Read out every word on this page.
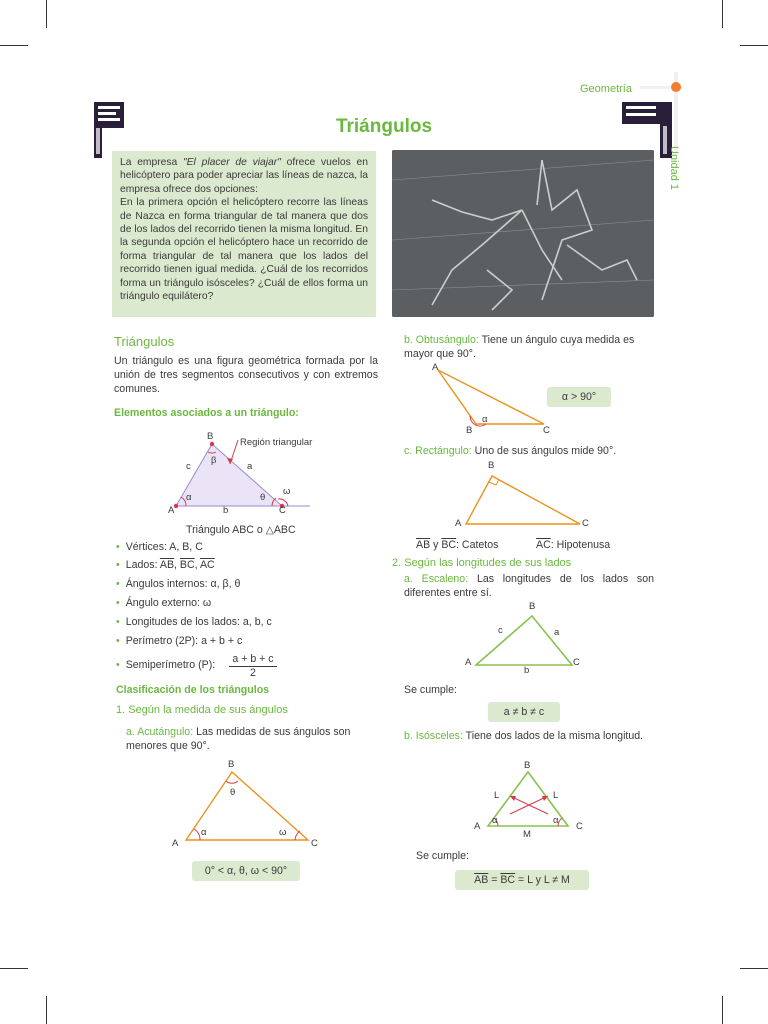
Geometría
Unidad 1
Triángulos
La empresa "El placer de viajar" ofrece vuelos en helicóptero para poder apreciar las líneas de nazca, la empresa ofrece dos opciones:
En la primera opción el helicóptero recorre las líneas de Nazca en forma triangular de tal manera que dos de los lados del recorrido tienen la misma longitud. En la segunda opción el helicóptero hace un recorrido de forma triangular de tal manera que los lados del recorrido tienen igual medida. ¿Cuál de los recorridos forma un triángulo isósceles? ¿Cuál de ellos forma un triángulo equilátero?
Triángulos
Un triángulo es una figura geométrica formada por la unión de tres segmentos consecutivos y con extremos comunes.
Elementos asociados a un triángulo:
B
Región triangular
β
c	a
α	θ
ω
A	b	C
Triángulo ABC o △ABC
• Vértices: A, B, C
• Lados: $\overline{AB}$, $\overline{BC}$, $\overline{AC}$
• Ángulos internos: α, β, θ
• Ángulo externo: ω
• Longitudes de los lados: a, b, c
• Perímetro (2P): a + b + c
• Semiperímetro (P):	a + b + c
2
Clasificación de los triángulos
1. Según la medida de sus ángulos
a. Acutángulo: Las medidas de sus ángulos son menores que 90°.
B
θ
α	ω
A	C
0° < α, θ, ω < 90°
b. Obtusángulo: Tiene un ángulo cuya medida es mayor que 90°.
A
α
B	C
α > 90°
c. Rectángulo: Uno de sus ángulos mide 90°.
B
A	C
$\overline{AB}$ y $\overline{BC}$: Catetos	$\overline{AC}$: Hipotenusa
2. Según las longitudes de sus lados
a. Escaleno: Las longitudes de los lados son diferentes entre sí.
B
c	a
A
b
C
Se cumple:
a ≠ b ≠ c
b. Isósceles: Tiene dos lados de la misma longitud.
B
L	L
α	α
A	C
M
Se cumple:
$\overline{AB} = \overline{BC} = L$ y L ≠ M
